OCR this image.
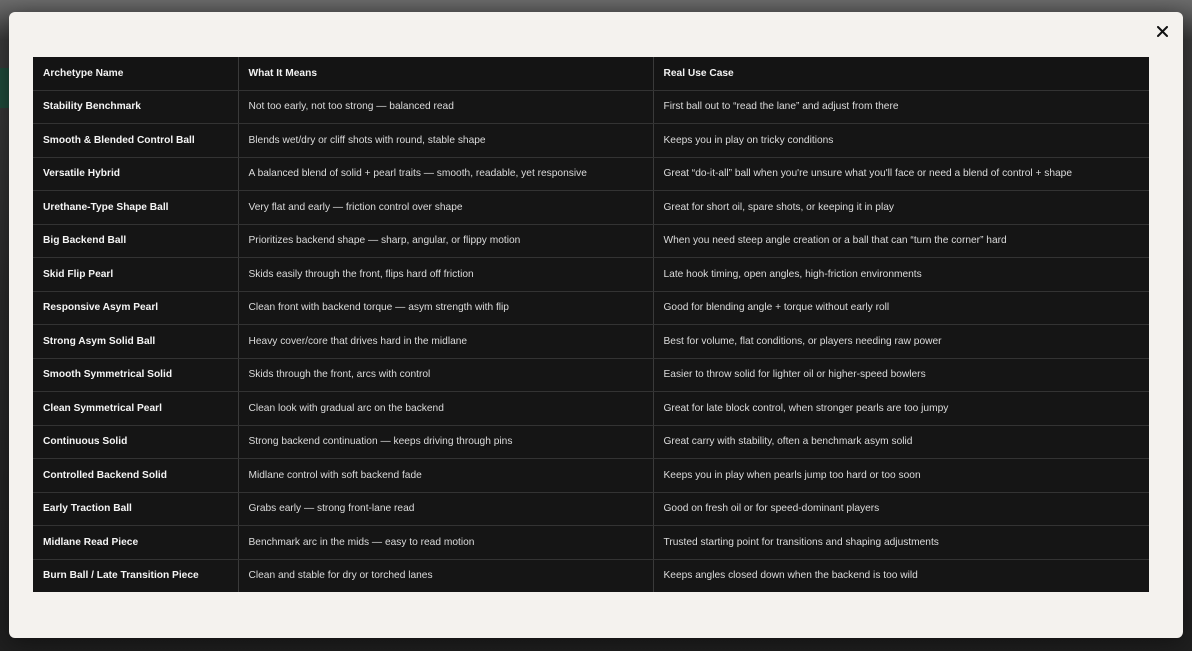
Archetype Name	What It Means	Real Use Case
Stability Benchmark	Not too early, not too strong — balanced read	First ball out to “read the lane” and adjust from there
Smooth & Blended Control Ball	Blends wet/dry or cliff shots with round, stable shape	Keeps you in play on tricky conditions
Versatile Hybrid	A balanced blend of solid + pearl traits — smooth, readable, yet responsive	Great “do-it-all” ball when you're unsure what you'll face or need a blend of control + shape
Urethane-Type Shape Ball	Very flat and early — friction control over shape	Great for short oil, spare shots, or keeping it in play
Big Backend Ball	Prioritizes backend shape — sharp, angular, or flippy motion	When you need steep angle creation or a ball that can “turn the corner” hard
Skid Flip Pearl	Skids easily through the front, flips hard off friction	Late hook timing, open angles, high-friction environments
Responsive Asym Pearl	Clean front with backend torque — asym strength with flip	Good for blending angle + torque without early roll
Strong Asym Solid Ball	Heavy cover/core that drives hard in the midlane	Best for volume, flat conditions, or players needing raw power
Smooth Symmetrical Solid	Skids through the front, arcs with control	Easier to throw solid for lighter oil or higher-speed bowlers
Clean Symmetrical Pearl	Clean look with gradual arc on the backend	Great for late block control, when stronger pearls are too jumpy
Continuous Solid	Strong backend continuation — keeps driving through pins	Great carry with stability, often a benchmark asym solid
Controlled Backend Solid	Midlane control with soft backend fade	Keeps you in play when pearls jump too hard or too soon
Early Traction Ball	Grabs early — strong front-lane read	Good on fresh oil or for speed-dominant players
Midlane Read Piece	Benchmark arc in the mids — easy to read motion	Trusted starting point for transitions and shaping adjustments
Burn Ball / Late Transition Piece	Clean and stable for dry or torched lanes	Keeps angles closed down when the backend is too wild
